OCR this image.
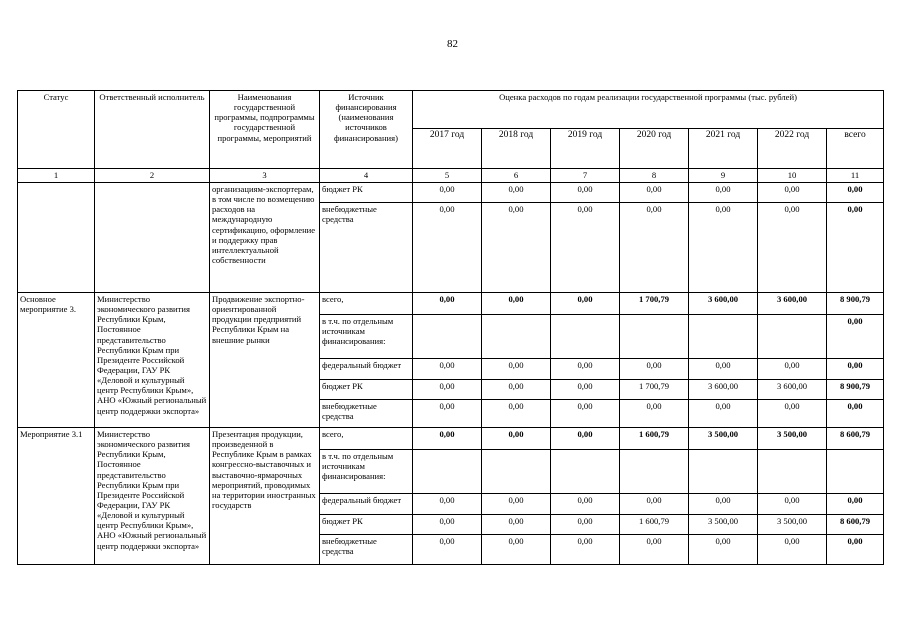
82
Статус	Ответственный исполнитель	Наименования государственной программы, подпрограммы государственной программы, мероприятий	Источник финансирования (наименования источников финансирования)	Оценка расходов по годам реализации государственной программы (тыс. рублей)						
				2017 год	2018 год	2019 год	2020 год	2021 год	2022 год	всего
1	2	3	4	5	6	7	8	9	10	11
		организациям-экспортерам, в том числе по возмещению расходов на международную сертификацию, оформление и поддержку прав интеллектуальной собственности	бюджет РК	0,00	0,00	0,00	0,00	0,00	0,00	0,00
			внебюджетные средства	0,00	0,00	0,00	0,00	0,00	0,00	0,00
Основное мероприятие 3.	Министерство экономического развития Республики Крым, Постоянное представительство Республики Крым при Президенте Российской Федерации, ГАУ РК «Деловой и культурный центр Республики Крым», АНО «Южный региональный центр поддержки экспорта»	Продвижение экспортно-ориентированной продукции предприятий Республики Крым на внешние рынки	всего,	0,00	0,00	0,00	1 700,79	3 600,00	3 600,00	8 900,79
			в т.ч. по отдельным источникам финансирования:							0,00
			федеральный бюджет	0,00	0,00	0,00	0,00	0,00	0,00	0,00
			бюджет РК	0,00	0,00	0,00	1 700,79	3 600,00	3 600,00	8 900,79
			внебюджетные средства	0,00	0,00	0,00	0,00	0,00	0,00	0,00
Мероприятие 3.1	Министерство экономического развития Республики Крым, Постоянное представительство Республики Крым при Президенте Российской Федерации, ГАУ РК «Деловой и культурный центр Республики Крым», АНО «Южный региональный центр поддержки экспорта»	Презентация продукции, произведенной в Республике Крым в рамках конгрессно-выставочных и выставочно-ярмарочных мероприятий, проводимых на территории иностранных государств	всего,	0,00	0,00	0,00	1 600,79	3 500,00	3 500,00	8 600,79
			в т.ч. по отдельным источникам финансирования:							
			федеральный бюджет	0,00	0,00	0,00	0,00	0,00	0,00	0,00
			бюджет РК	0,00	0,00	0,00	1 600,79	3 500,00	3 500,00	8 600,79
			внебюджетные средства	0,00	0,00	0,00	0,00	0,00	0,00	0,00
